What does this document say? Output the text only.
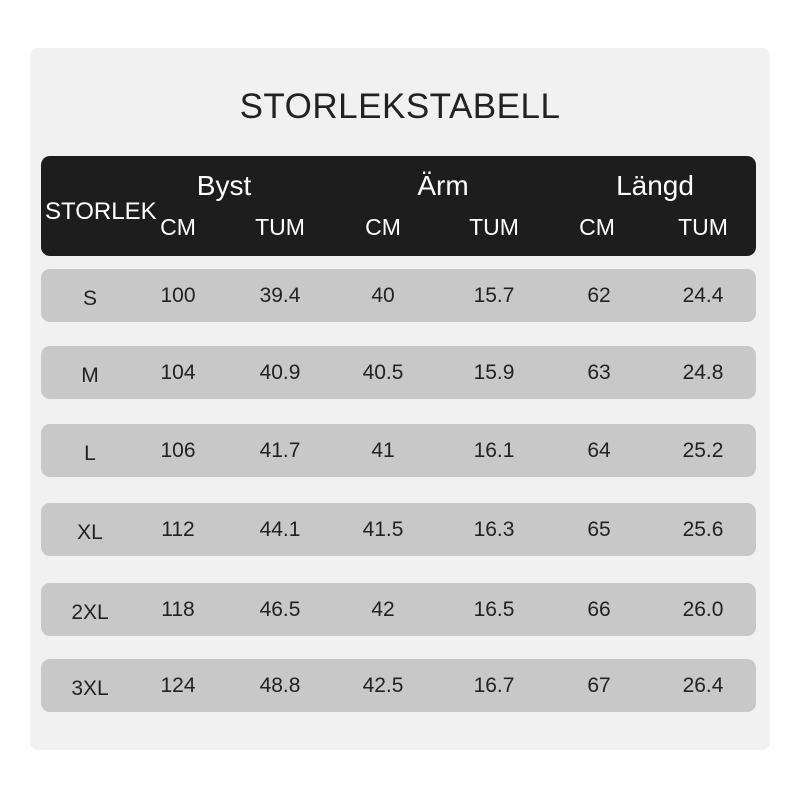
STORLEKSTABELL
STORLEK
Byst	Ärm	Längd
CM	TUM	CM	TUM	CM	TUM
S	100	39.4	40	15.7	62	24.4
M	104	40.9	40.5	15.9	63	24.8
L	106	41.7	41	16.1	64	25.2
XL	112	44.1	41.5	16.3	65	25.6
2XL	118	46.5	42	16.5	66	26.0
3XL 124	48.8	42.5	16.7	67	26.4
